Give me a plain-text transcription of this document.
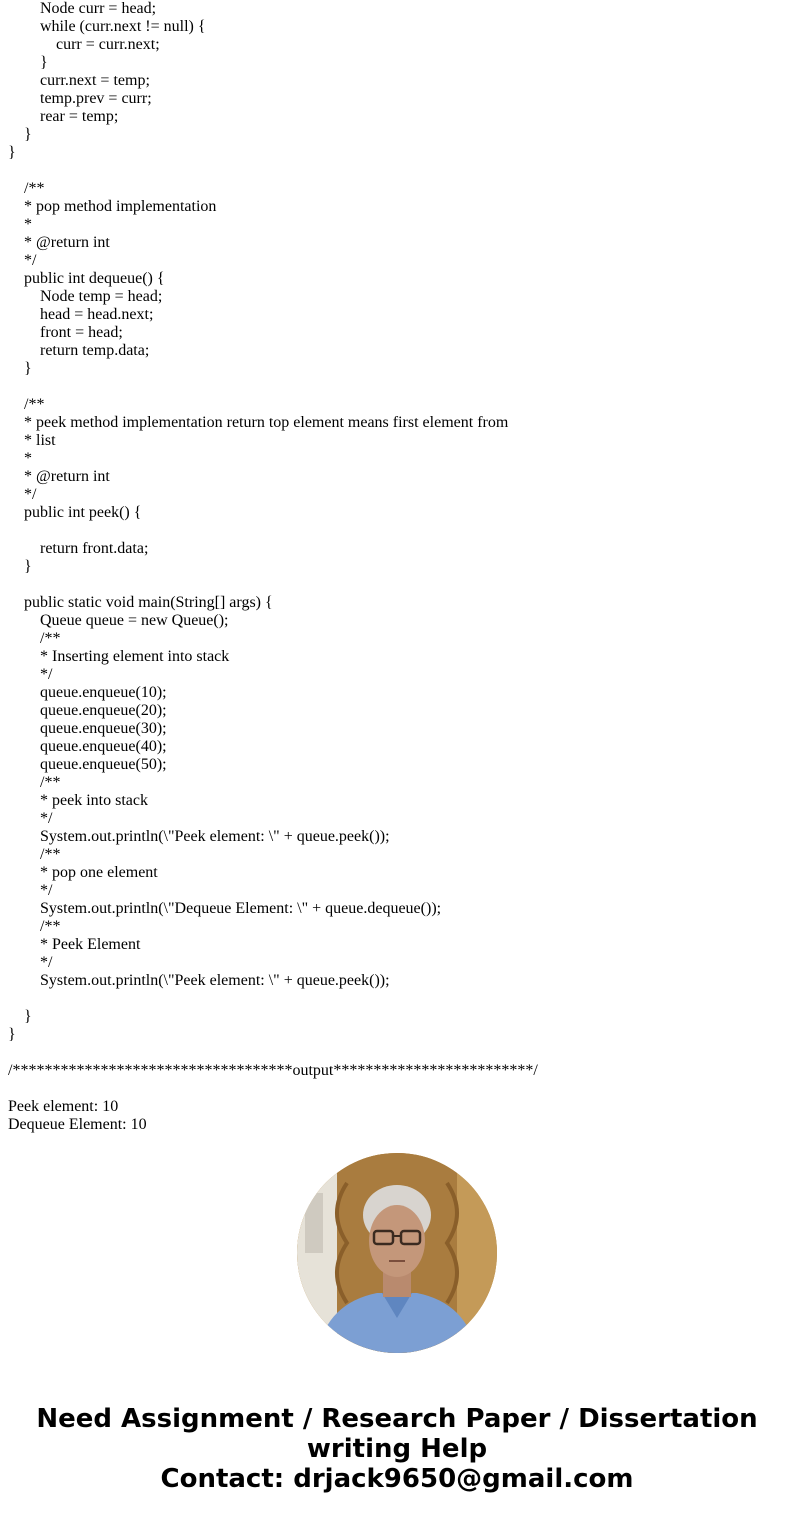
Node curr = head;
while (curr.next != null) {
curr = curr.next;
}
curr.next = temp;
temp.prev = curr;
rear = temp;
}
}
/**
* pop method implementation
*
* @return int
*/
public int dequeue() {
Node temp = head;
head = head.next;
front = head;
return temp.data;
}
/**
* peek method implementation return top element means first element from
* list
*
* @return int
*/
public int peek() {
return front.data;
}
public static void main(String[] args) {
Queue queue = new Queue();
/**
* Inserting element into stack
*/
queue.enqueue(10);
queue.enqueue(20);
queue.enqueue(30);
queue.enqueue(40);
queue.enqueue(50);
/**
* peek into stack
*/
System.out.println(\"Peek element: \" + queue.peek());
/**
* pop one element
*/
System.out.println(\"Dequeue Element: \" + queue.dequeue());
/**
* Peek Element
*/
System.out.println(\"Peek element: \" + queue.peek());
}
}
/***********************************output*************************/
Peek element: 10
Dequeue Element: 10
Need Assignment / Research Paper / Dissertation
writing Help
Contact: drjack9650@gmail.com
